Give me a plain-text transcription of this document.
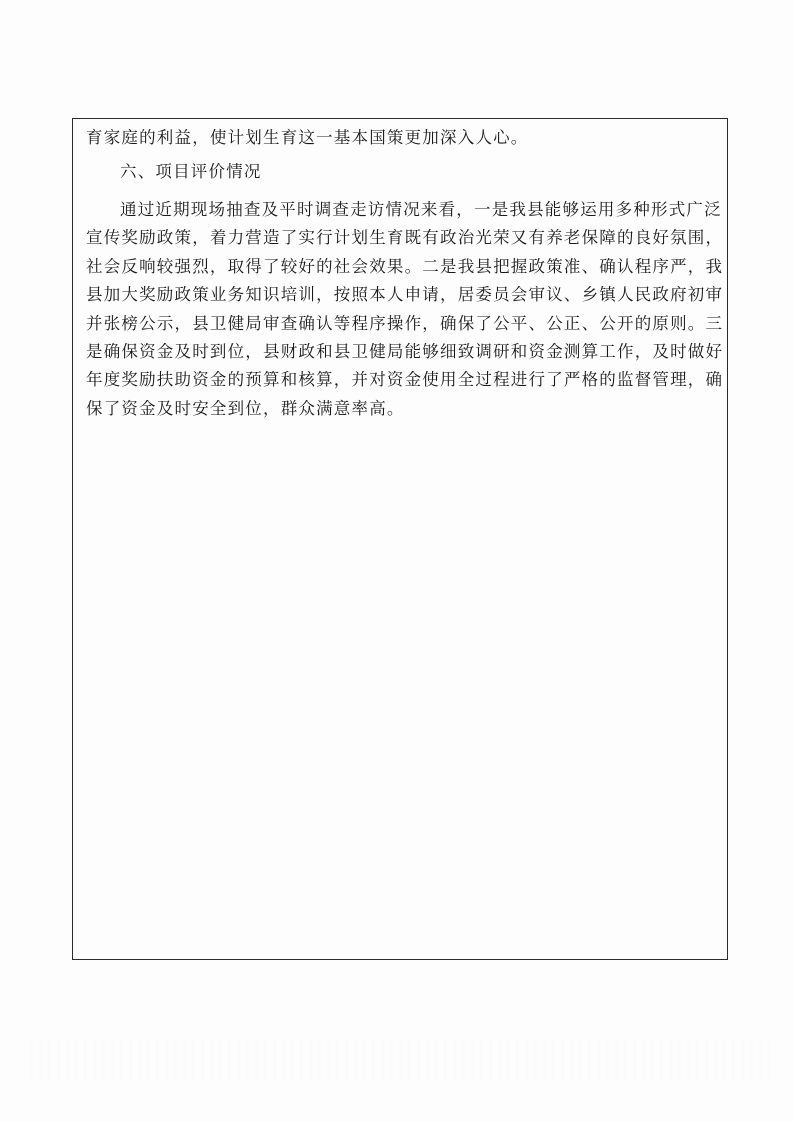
育家庭的利益，使计划生育这一基本国策更加深入人心。

六、项目评价情况

通过近期现场抽查及平时调查走访情况来看，一是我县能够运用多种形式广泛
宣传奖励政策，着力营造了实行计划生育既有政治光荣又有养老保障的良好氛围，
社会反响较强烈，取得了较好的社会效果。二是我县把握政策准、确认程序严，我
县加大奖励政策业务知识培训，按照本人申请，居委员会审议、乡镇人民政府初审
并张榜公示，县卫健局审查确认等程序操作，确保了公平、公正、公开的原则。三
是确保资金及时到位，县财政和县卫健局能够细致调研和资金测算工作，及时做好
年度奖励扶助资金的预算和核算，并对资金使用全过程进行了严格的监督管理，确
保了资金及时安全到位，群众满意率高。
